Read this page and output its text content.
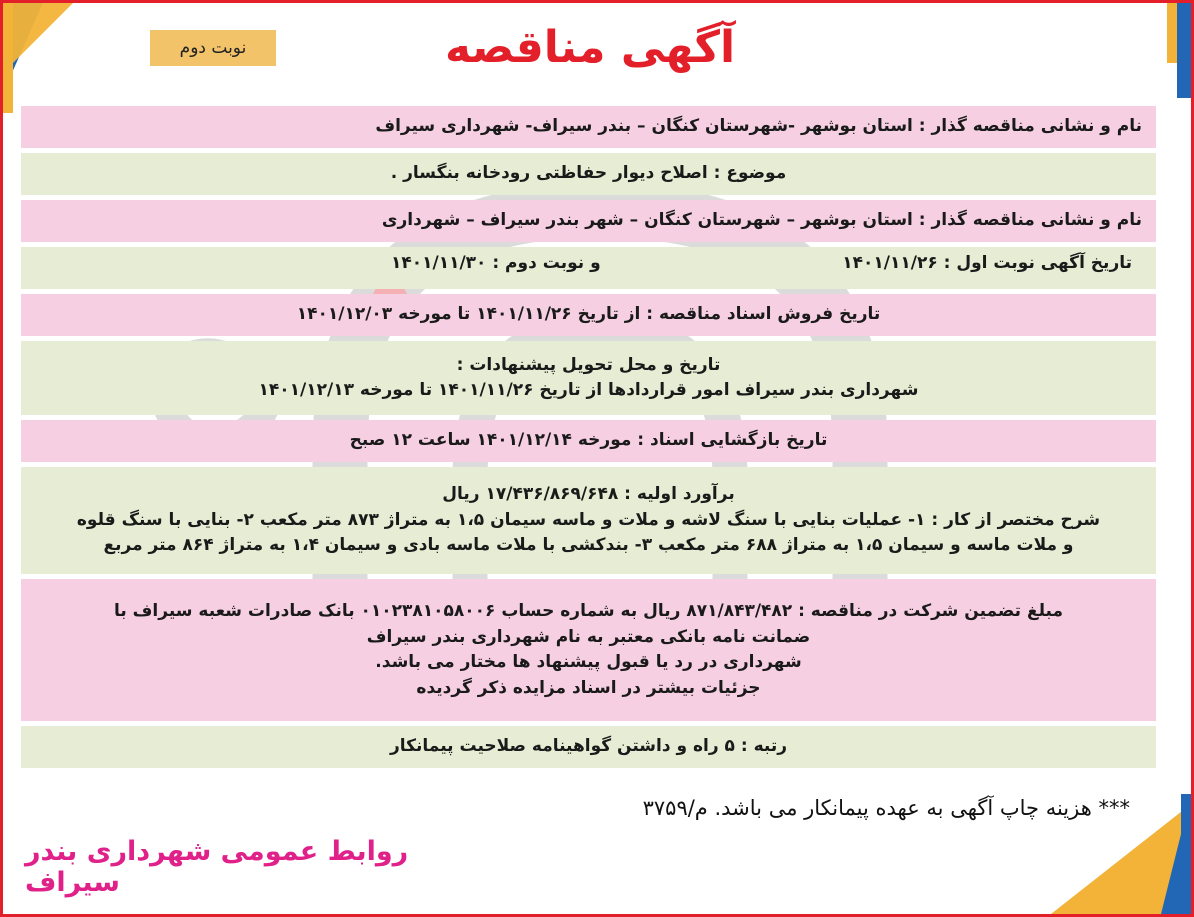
نوبت دوم	آگهی مناقصه
نام و نشانی مناقصه گذار : استان بوشهر -شهرستان کنگان – بندر سیراف- شهرداری سیراف
موضوع : اصلاح دیوار حفاظتی رودخانه بنگسار .
نام و نشانی مناقصه گذار : استان بوشهر – شهرستان کنگان – شهر بندر سیراف – شهرداری
تاریخ آگهی نوبت اول : ۱۴۰۱/۱۱/۲۶
و نوبت دوم : ۱۴۰۱/۱۱/۳۰
تاریخ فروش اسناد مناقصه : از تاریخ ۱۴۰۱/۱۱/۲۶ تا مورخه ۱۴۰۱/۱۲/۰۳
تاریخ و محل تحویل پیشنهادات :
شهرداری بندر سیراف امور قراردادها از تاریخ ۱۴۰۱/۱۱/۲۶ تا مورخه ۱۴۰۱/۱۲/۱۳
تاریخ بازگشایی اسناد : مورخه ۱۴۰۱/۱۲/۱۴ ساعت ۱۲ صبح
برآورد اولیه : ۱۷/۴۳۶/۸۶۹/۶۴۸ ریال
شرح مختصر از کار : ۱- عملیات بنایی با سنگ لاشه و ملات و ماسه سیمان ۱،۵ به متراژ ۸۷۳ متر مکعب ۲- بنایی با سنگ قلوه
و ملات ماسه و سیمان ۱،۵ به متراژ ۶۸۸ متر مکعب ۳- بندکشی با ملات ماسه بادی و سیمان ۱،۴ به متراژ ۸۶۴ متر مربع
مبلغ تضمین شرکت در مناقصه : ۸۷۱/۸۴۳/۴۸۲ ریال به شماره حساب ۰۱۰۲۳۸۱۰۵۸۰۰۶ بانک صادرات شعبه سیراف با
ضمانت نامه بانکی معتبر به نام شهرداری بندر سیراف
شهرداری در رد یا قبول پیشنهاد ها مختار می باشد.
جزئیات بیشتر در اسناد مزایده ذکر گردیده
رتبه : ۵ راه و داشتن گواهینامه صلاحیت پیمانکار
*** هزینه چاپ آگهی به عهده پیمانکار می باشد. م/۳۷۵۹
روابط عمومی شهرداری بندر سیراف
